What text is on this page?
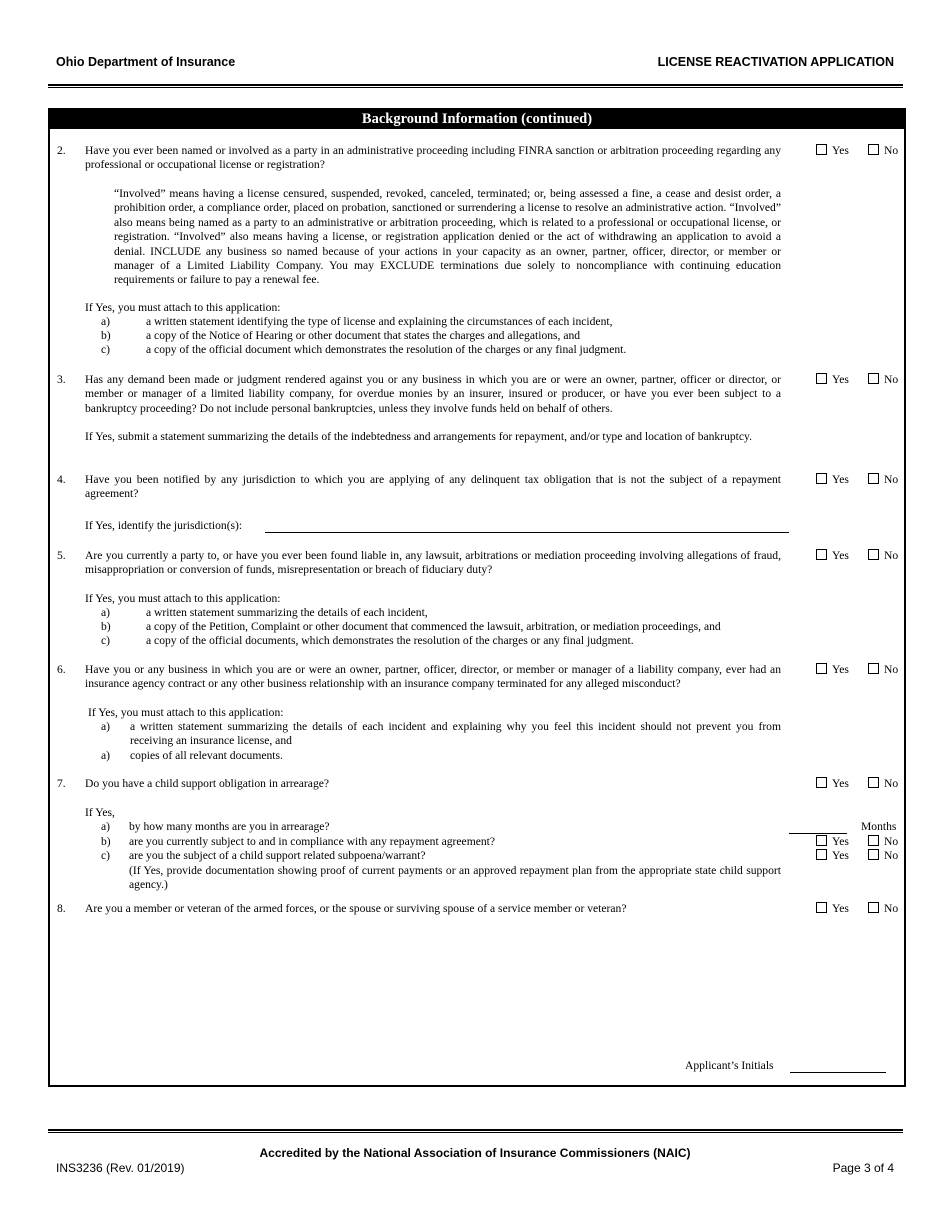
Ohio Department of Insurance	LICENSE REACTIVATION APPLICATION
Background Information (continued)
2. Have you ever been named or involved as a party in an administrative proceeding including FINRA sanction or arbitration proceeding regarding any professional or occupational license or registration?
Yes	No
“Involved” means having a license censured, suspended, revoked, canceled, terminated; or, being assessed a fine, a cease and desist order, a prohibition order, a compliance order, placed on probation, sanctioned or surrendering a license to resolve an administrative action. “Involved” also means being named as a party to an administrative or arbitration proceeding, which is related to a professional or occupational license, or registration. “Involved” also means having a license, or registration application denied or the act of withdrawing an application to avoid a denial. INCLUDE any business so named because of your actions in your capacity as an owner, partner, officer, director, or member or manager of a Limited Liability Company. You may EXCLUDE terminations due solely to noncompliance with continuing education requirements or failure to pay a renewal fee.
If Yes, you must attach to this application:
a)	a written statement identifying the type of license and explaining the circumstances of each incident,
b)	a copy of the Notice of Hearing or other document that states the charges and allegations, and
c)	a copy of the official document which demonstrates the resolution of the charges or any final judgment.
3. Has any demand been made or judgment rendered against you or any business in which you are or were an owner, partner, officer or director, or member or manager of a limited liability company, for overdue monies by an insurer, insured or producer, or have you ever been subject to a bankruptcy proceeding? Do not include personal bankruptcies, unless they involve funds held on behalf of others.
Yes	No
If Yes, submit a statement summarizing the details of the indebtedness and arrangements for repayment, and/or type and location of bankruptcy.
4. Have you been notified by any jurisdiction to which you are applying of any delinquent tax obligation that is not the subject of a repayment agreement?
Yes	No
If Yes, identify the jurisdiction(s):
5. Are you currently a party to, or have you ever been found liable in, any lawsuit, arbitrations or mediation proceeding involving allegations of fraud, misappropriation or conversion of funds, misrepresentation or breach of fiduciary duty?
Yes	No
If Yes, you must attach to this application:
a)	a written statement summarizing the details of each incident,
b)	a copy of the Petition, Complaint or other document that commenced the lawsuit, arbitration, or mediation proceedings, and
c)	a copy of the official documents, which demonstrates the resolution of the charges or any final judgment.
6. Have you or any business in which you are or were an owner, partner, officer, director, or member or manager of a liability company, ever had an insurance agency contract or any other business relationship with an insurance company terminated for any alleged misconduct?
Yes	No
If Yes, you must attach to this application:
a) a written statement summarizing the details of each incident and explaining why you feel this incident should not prevent you from receiving an insurance license, and
a) copies of all relevant documents.
7. Do you have a child support obligation in arrearage?	Yes	No
If Yes,
a) by how many months are you in arrearage?	Months
b) are you currently subject to and in compliance with any repayment agreement?	Yes	No
c) are you the subject of a child support related subpoena/warrant?	Yes	No
(If Yes, provide documentation showing proof of current payments or an approved repayment plan from the appropriate state child support agency.)
8. Are you a member or veteran of the armed forces, or the spouse or surviving spouse of a service member or veteran?	Yes	No
Applicant’s Initials
Accredited by the National Association of Insurance Commissioners (NAIC)
INS3236 (Rev. 01/2019)	Page 3 of 4
